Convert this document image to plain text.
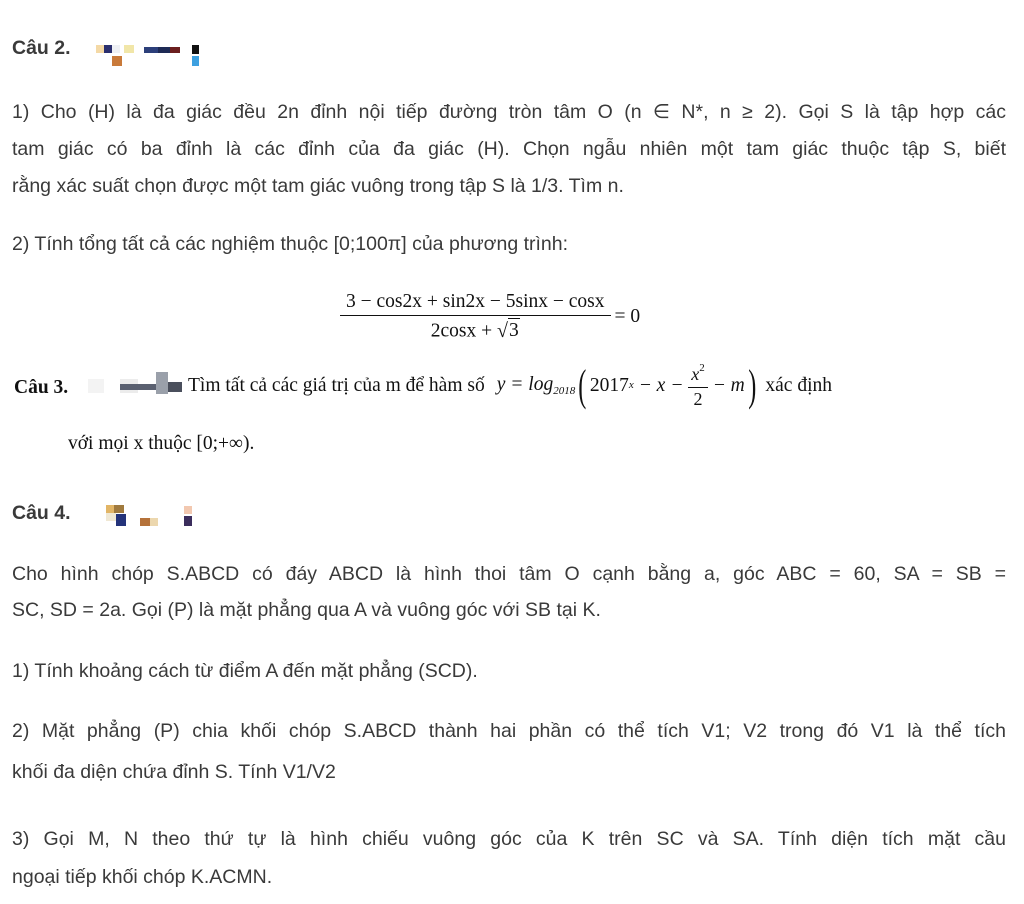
Câu 2.
1) Cho (H) là đa giác đều 2n đỉnh nội tiếp đường tròn tâm O (n ∈ N*, n ≥ 2). Gọi S là tập hợp các
tam giác có ba đỉnh là các đỉnh của đa giác (H). Chọn ngẫu nhiên một tam giác thuộc tập S, biết
rằng xác suất chọn được một tam giác vuông trong tập S là 1/3. Tìm n.
2) Tính tổng tất cả các nghiệm thuộc [0;100π] của phương trình:
$\frac{3 - \cos 2x + \sin 2x - 5\sin x - \cos x}{2\cos x + √ 3} = 0$
Câu 3.	Tìm tất cả các giá trị của m để hàm số $y = \log_{2018}$ ( 2017 $x - x - \frac{x^2}{2} - m$ ) xác định
với mọi x thuộc [0;+∞).
Câu 4.
Cho hình chóp S.ABCD có đáy ABCD là hình thoi tâm O cạnh bằng a, góc ABC = 60, SA = SB =
SC, SD = 2a. Gọi (P) là mặt phẳng qua A và vuông góc với SB tại K.
1) Tính khoảng cách từ điểm A đến mặt phẳng (SCD).
2) Mặt phẳng (P) chia khối chóp S.ABCD thành hai phần có thể tích V1; V2 trong đó V1 là thể tích
khối đa diện chứa đỉnh S. Tính V1/V2
3) Gọi M, N theo thứ tự là hình chiếu vuông góc của K trên SC và SA. Tính diện tích mặt cầu
ngoại tiếp khối chóp K.ACMN.
